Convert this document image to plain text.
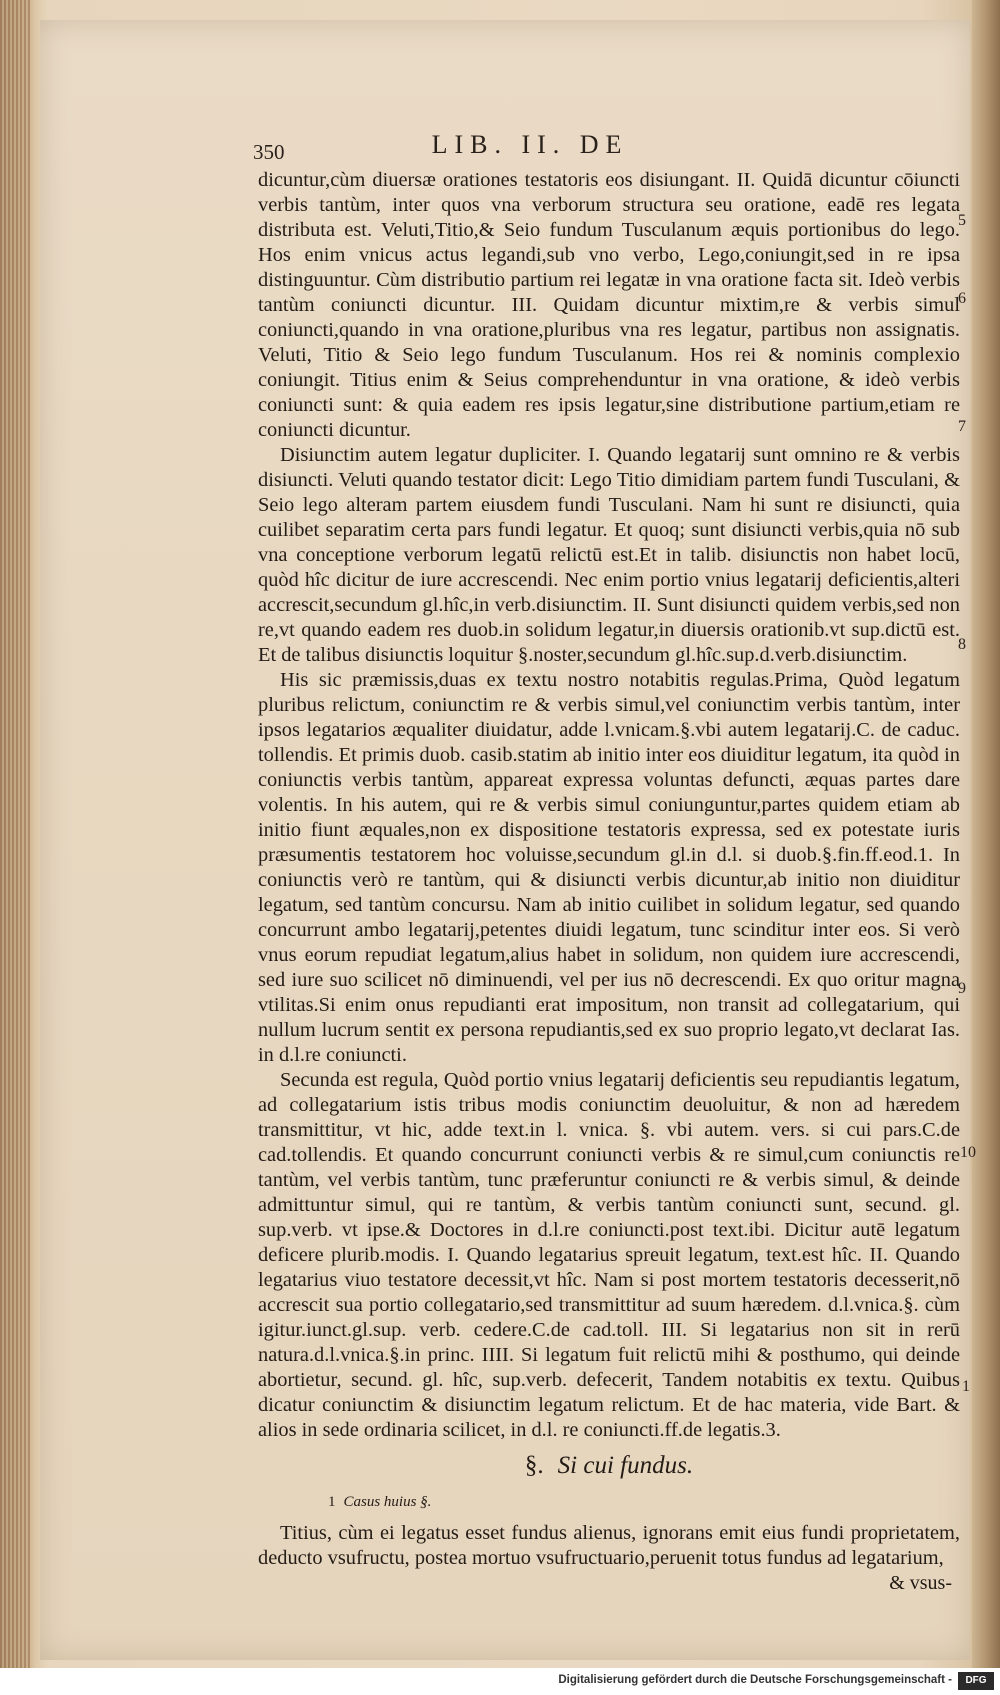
350	LIB. II. DE

dicuntur,cùm diuersæ orationes testatoris eos disiungant. II. Quidā dicuntur cōiuncti verbis tantùm, inter quos vna verborum structura seu oratione, eadē res legata distributa est. Veluti,Titio,& Seio fundum Tusculanum æquis portionibus do lego. Hos enim vnicus actus legandi,sub vno verbo, Lego,coniungit,sed in re ipsa distinguuntur. Cùm distributio partium rei legatæ in vna oratione facta sit. Ideò verbis tantùm coniuncti dicuntur. III. Quidam dicuntur mixtim,re & verbis simul coniuncti,quando in vna oratione,pluribus vna res legatur, partibus non assignatis. Veluti, Titio & Seio lego fundum Tusculanum. Hos rei & nominis complexio coniungit. Titius enim & Seius comprehenduntur in vna oratione, & ideò verbis coniuncti sunt: & quia eadem res ipsis legatur,sine distributione partium,etiam re coniuncti dicuntur.

Disiunctim autem legatur dupliciter. I. Quando legatarij sunt omnino re & verbis disiuncti. Veluti quando testator dicit: Lego Titio dimidiam partem fundi Tusculani, & Seio lego alteram partem eiusdem fundi Tusculani. Nam hi sunt re disiuncti, quia cuilibet separatim certa pars fundi legatur. Et quoq; sunt disiuncti verbis,quia nō sub vna conceptione verborum legatū relictū est.Et in talib. disiunctis non habet locū, quòd hîc dicitur de iure accrescendi. Nec enim portio vnius legatarij deficientis,alteri accrescit,secundum gl.hîc,in verb.disiunctim. II. Sunt disiuncti quidem verbis,sed non re,vt quando eadem res duob.in solidum legatur,in diuersis orationib.vt sup.dictū est. Et de talibus disiunctis loquitur §.noster,secundum gl.hîc.sup.d.verb.disiunctim.

His sic præmissis,duas ex textu nostro notabitis regulas.Prima, Quòd legatum pluribus relictum, coniunctim re & verbis simul,vel coniunctim verbis tantùm, inter ipsos legatarios æqualiter diuidatur, adde l.vnicam.§.vbi autem legatarij.C. de caduc. tollendis. Et primis duob. casib.statim ab initio inter eos diuiditur legatum, ita quòd in coniunctis verbis tantùm, appareat expressa voluntas defuncti, æquas partes dare volentis. In his autem, qui re & verbis simul coniunguntur,partes quidem etiam ab initio fiunt æquales,non ex dispositione testatoris expressa, sed ex potestate iuris præsumentis testatorem hoc voluisse,secundum gl.in d.l. si duob.§.fin.ff.eod.1. In coniunctis verò re tantùm, qui & disiuncti verbis dicuntur,ab initio non diuiditur legatum, sed tantùm concursu. Nam ab initio cuilibet in solidum legatur, sed quando concurrunt ambo legatarij,petentes diuidi legatum, tunc scinditur inter eos. Si verò vnus eorum repudiat legatum,alius habet in solidum, non quidem iure accrescendi, sed iure suo scilicet nō diminuendi, vel per ius nō decrescendi. Ex quo oritur magna vtilitas.Si enim onus repudianti erat impositum, non transit ad collegatarium, qui nullum lucrum sentit ex persona repudiantis,sed ex suo proprio legato,vt declarat Ias. in d.l.re coniuncti.

Secunda est regula, Quòd portio vnius legatarij deficientis seu repudiantis legatum, ad collegatarium istis tribus modis coniunctim deuoluitur, & non ad hæredem transmittitur, vt hic, adde text.in l. vnica. §. vbi autem. vers. si cui pars.C.de cad.tollendis. Et quando concurrunt coniuncti verbis & re simul,cum coniunctis re tantùm, vel verbis tantùm, tunc præferuntur coniuncti re & verbis simul, & deinde admittuntur simul, qui re tantùm, & verbis tantùm coniuncti sunt, secund. gl. sup.verb. vt ipse.& Doctores in d.l.re coniuncti.post text.ibi. Dicitur autē legatum deficere plurib.modis. I. Quando legatarius spreuit legatum, text.est hîc. II. Quando legatarius viuo testatore decessit,vt hîc. Nam si post mortem testatoris decesserit,nō accrescit sua portio collegatario,sed transmittitur ad suum hæredem. d.l.vnica.§. cùm igitur.iunct.gl.sup. verb. cedere.C.de cad.toll. III. Si legatarius non sit in rerū natura.d.l.vnica.§.in princ. IIII. Si legatum fuit relictū mihi & posthumo, qui deinde abortietur, secund. gl. hîc, sup.verb. defecerit, Tandem notabitis ex textu. Quibus dicatur coniunctim & disiunctim legatum relictum. Et de hac materia, vide Bart. & alios in sede ordinaria scilicet, in d.l. re coniuncti.ff.de legatis.3.

§. Si cui fundus.
1 Casus huius §.

Titius, cùm ei legatus esset fundus alienus, ignorans emit eius fundi proprietatem, deducto vsufructu, postea mortuo vsufructuario,peruenit totus fundus ad legatarium,

& vsus-
5
6
7
8
9
10
1
Digitalisierung gefördert durch die Deutsche Forschungsgemeinschaft -	DFG
